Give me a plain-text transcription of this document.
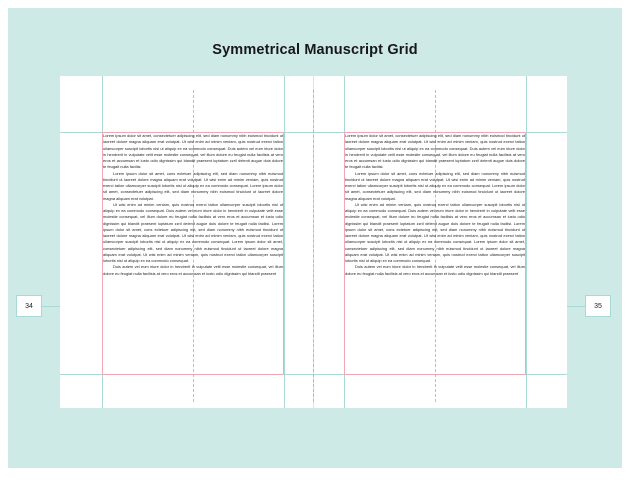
Symmetrical Manuscript Grid

Lorem ipsum dolor sit amet, consectetuer adipiscing elit, sed diam nonummy nibh euismod tincidunt ut laoreet dolore magna aliquam erat volutpat. Ut wisi enim ad minim veniam, quis nostrud exerci tation ullamcorper suscipit lobortis nisl ut aliquip ex ea commodo consequat. Duis autem vel eum iriure dolor in hendrerit in vulputate velit esse molestie consequat, vel illum dolore eu feugiat nulla facilisis at vero eros et accumsan et iusto odio dignissim qui blandit praesent luptatum zzril delenit augue duis dolore te feugait nulla facilisi.

Lorem ipsum dolor sit amet, cons ectetuer adipiscing elit, sed diam nonummy nibh euismod tincidunt ut laoreet dolore magna aliquam erat volutpat. Ut wisi enim ad minim veniam, quis nostrud exerci tation ullamcorper suscipit lobortis nisl ut aliquip ex ea commodo consequat. Lorem ipsum dolor sit amet, consectetuer adipiscing elit, sed diam nonummy nibh euismod tincidunt ut laoreet dolore magna aliquam erat volutpat.

Ut wisi enim ad minim veniam, quis nostrud exerci tation ullamcorper suscipit lobortis nisl ut aliquip ex ea commodo consequat. Duis autem vel eum iriure dolor in hendrerit in vulputate velit esse molestie consequat, vel illum dolore eu feugiat nulla facilisis at vero eros et accumsan et iusto odio dignissim qui blandit praesent luptatum zzril delenit augue duis dolore te feugait nulla facilisi. Lorem ipsum dolor sit amet, cons ectetuer adipiscing elit, sed diam nonummy nibh euismod tincidunt ut laoreet dolore magna aliquam erat volutpat. Ut wisi enim ad minim veniam, quis nostrud exerci tation ullamcorper suscipit lobortis nisl ut aliquip ex ea commodo consequat. Lorem ipsum dolor sit amet, consectetuer adipiscing elit, sed diam nonummy nibh euismod tincidunt ut laoreet dolore magna aliquam erat volutpat. Ut wisi enim ad minim veniam, quis nostrud exerci tation ullamcorper suscipit lobortis nisl ut aliquip ex ea commodo consequat.

Duis autem vel eum iriure dolor in hendrerit in vulputate velit esse molestie consequat, vel illum dolore eu feugiat nulla facilisis at vero eros et accumsan et iusto odio dignissim qui blandit praesent

Lorem ipsum dolor sit amet, consectetuer adipiscing elit, sed diam nonummy nibh euismod tincidunt ut laoreet dolore magna aliquam erat volutpat. Ut wisi enim ad minim veniam, quis nostrud exerci tation ullamcorper suscipit lobortis nisl ut aliquip ex ea commodo consequat. Duis autem vel eum iriure dolor in hendrerit in vulputate velit esse molestie consequat, vel illum dolore eu feugiat nulla facilisis at vero eros et accumsan et iusto odio dignissim qui blandit praesent luptatum zzril delenit augue duis dolore te feugait nulla facilisi.

Lorem ipsum dolor sit amet, cons ectetuer adipiscing elit, sed diam nonummy nibh euismod tincidunt ut laoreet dolore magna aliquam erat volutpat. Ut wisi enim ad minim veniam, quis nostrud exerci tation ullamcorper suscipit lobortis nisl ut aliquip ex ea commodo consequat. Lorem ipsum dolor sit amet, consectetuer adipiscing elit, sed diam nonummy nibh euismod tincidunt ut laoreet dolore magna aliquam erat volutpat.

Ut wisi enim ad minim veniam, quis nostrud exerci tation ullamcorper suscipit lobortis nisl ut aliquip ex ea commodo consequat. Duis autem vel eum iriure dolor in hendrerit in vulputate velit esse molestie consequat, vel illum dolore eu feugiat nulla facilisis at vero eros et accumsan et iusto odio dignissim qui blandit praesent luptatum zzril delenit augue duis dolore te feugait nulla facilisi. Lorem ipsum dolor sit amet, cons ectetuer adipiscing elit, sed diam nonummy nibh euismod tincidunt ut laoreet dolore magna aliquam erat volutpat. Ut wisi enim ad minim veniam, quis nostrud exerci tation ullamcorper suscipit lobortis nisl ut aliquip ex ea commodo consequat. Lorem ipsum dolor sit amet, consectetuer adipiscing elit, sed diam nonummy nibh euismod tincidunt ut laoreet dolore magna aliquam erat volutpat. Ut wisi enim ad minim veniam, quis nostrud exerci tation ullamcorper suscipit lobortis nisl ut aliquip ex ea commodo consequat.

Duis autem vel eum iriure dolor in hendrerit in vulputate velit esse molestie consequat, vel illum dolore eu feugiat nulla facilisis at vero eros et accumsan et iusto odio dignissim qui blandit praesent

34	35
